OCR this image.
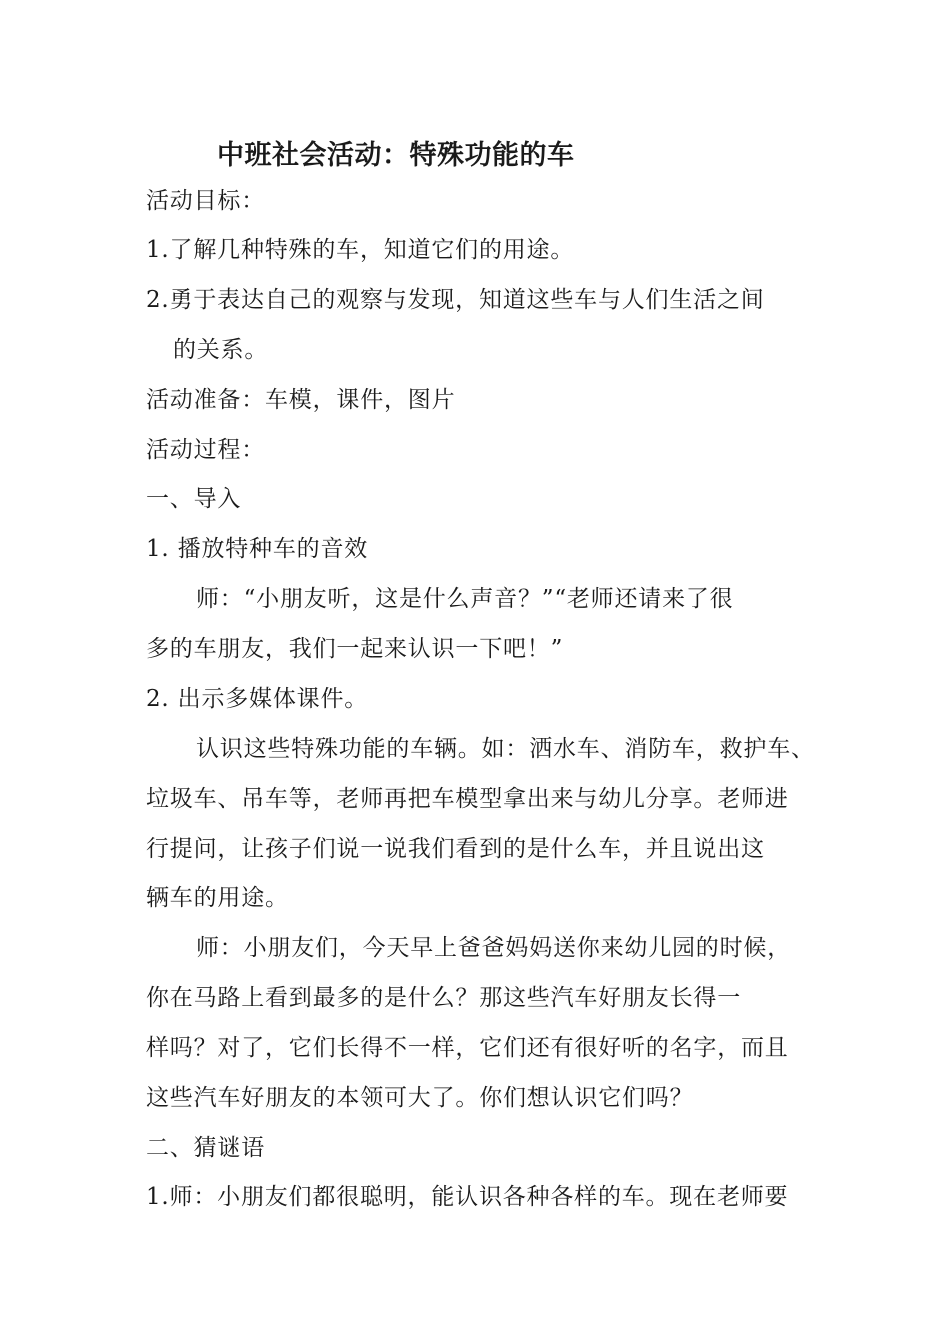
中班社会活动：特殊功能的车
活动目标：
1.了解几种特殊的车，知道它们的用途。
2.勇于表达自己的观察与发现，知道这些车与人们生活之间
的关系。
活动准备：车模，课件，图片
活动过程：
一、导入
1. 播放特种车的音效
师：“小朋友听，这是什么声音？”“老师还请来了很
多的车朋友，我们一起来认识一下吧！”
2. 出示多媒体课件。
认识这些特殊功能的车辆。如：洒水车、消防车，救护车、
垃圾车、吊车等，老师再把车模型拿出来与幼儿分享。老师进
行提问，让孩子们说一说我们看到的是什么车，并且说出这
辆车的用途。
师：小朋友们，今天早上爸爸妈妈送你来幼儿园的时候，
你在马路上看到最多的是什么？那这些汽车好朋友长得一
样吗？对了，它们长得不一样，它们还有很好听的名字，而且
这些汽车好朋友的本领可大了。你们想认识它们吗？
二、猜谜语
1.师：小朋友们都很聪明，能认识各种各样的车。现在老师要
